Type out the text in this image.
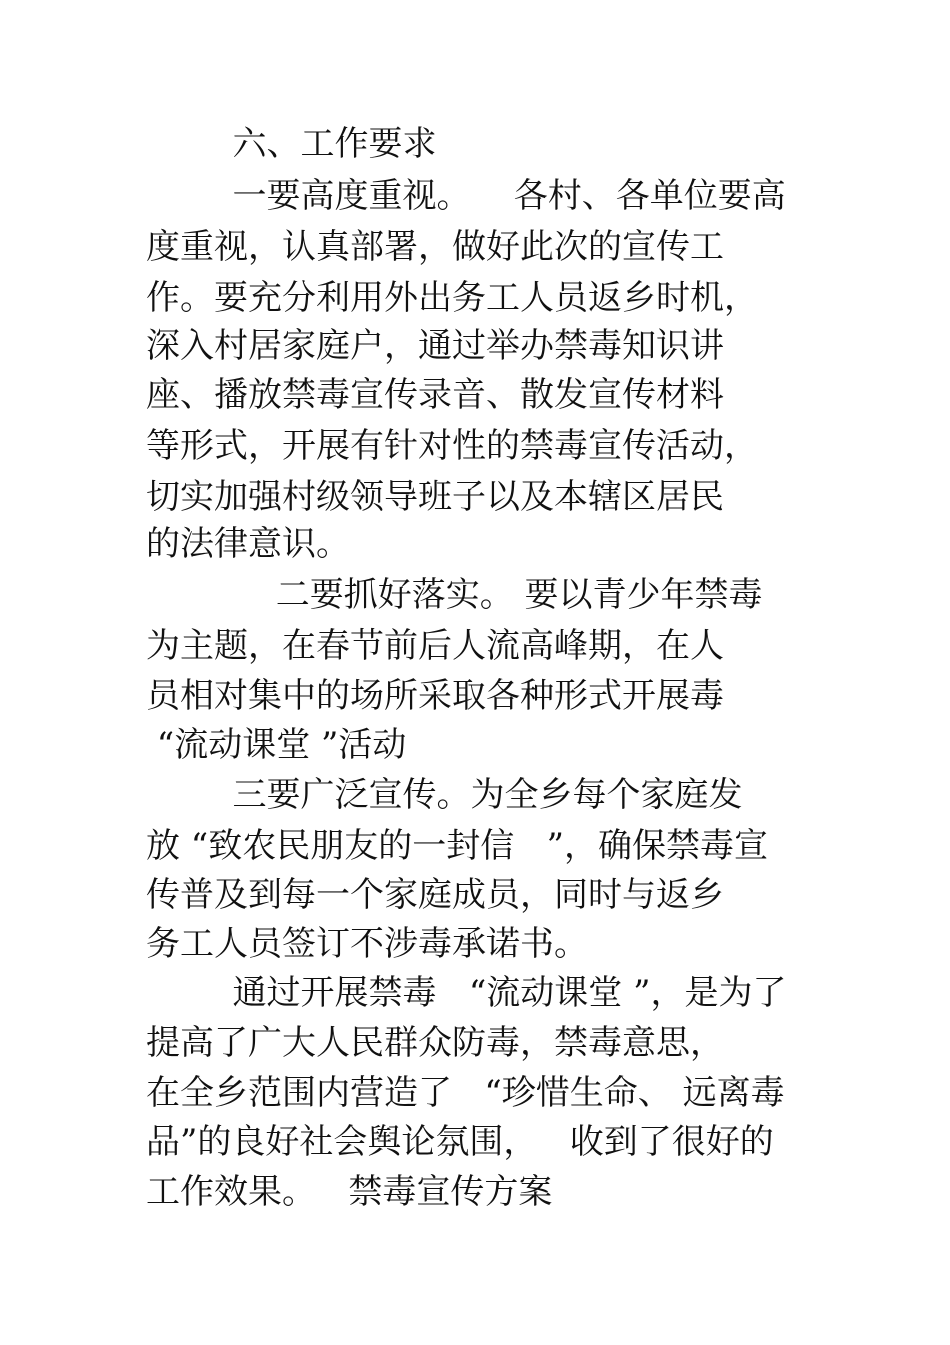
六、工作要求
一要高度重视。    各村、各单位要高
度重视，认真部署，做好此次的宣传工
作。要充分利用外出务工人员返乡时机，
深入村居家庭户，通过举办禁毒知识讲
座、播放禁毒宣传录音、散发宣传材料
等形式，开展有针对性的禁毒宣传活动，
切实加强村级领导班子以及本辖区居民
的法律意识。
二要抓好落实。 要以青少年禁毒
为主题，在春节前后人流高峰期，在人
员相对集中的场所采取各种形式开展毒
“流动课堂 ”活动
三要广泛宣传。为全乡每个家庭发
放 “致农民朋友的一封信   ”，确保禁毒宣
传普及到每一个家庭成员，同时与返乡
务工人员签订不涉毒承诺书。
通过开展禁毒   “流动课堂 ”，是为了
提高了广大人民群众防毒，禁毒意思，
在全乡范围内营造了   “珍惜生命、 远离毒
品”的良好社会舆论氛围，   收到了很好的
工作效果。   禁毒宣传方案
